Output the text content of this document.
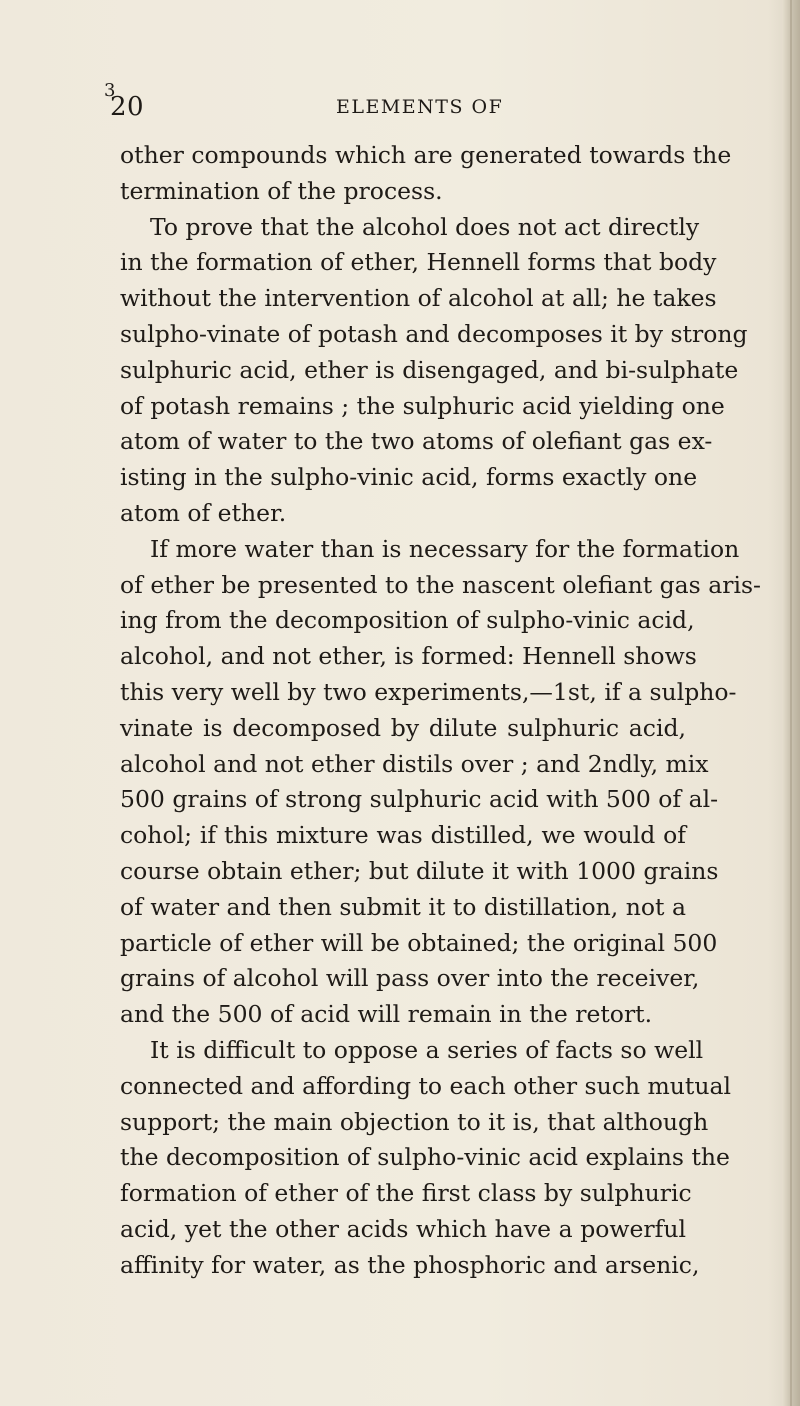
3
20	ELEMENTS OF
other compounds which are generated towards the
termination of the process.
To prove that the alcohol does not act directly
in the formation of ether, Hennell forms that body
without the intervention of alcohol at all; he takes
sulpho-vinate of potash and decomposes it by strong
sulphuric acid, ether is disengaged, and bi-sulphate
of potash remains ; the sulphuric acid yielding one
atom of water to the two atoms of olefiant gas ex-
isting in the sulpho-vinic acid, forms exactly one
atom of ether.
If more water than is necessary for the formation
of ether be presented to the nascent olefiant gas aris-
ing from the decomposition of sulpho-vinic acid,
alcohol, and not ether, is formed: Hennell shows
this very well by two experiments,—1st, if a sulpho-
vinate is decomposed by dilute sulphuric acid,
alcohol and not ether distils over ; and 2ndly, mix
500 grains of strong sulphuric acid with 500 of al-
cohol; if this mixture was distilled, we would of
course obtain ether; but dilute it with 1000 grains
of water and then submit it to distillation, not a
particle of ether will be obtained; the original 500
grains of alcohol will pass over into the receiver,
and the 500 of acid will remain in the retort.
It is difficult to oppose a series of facts so well
connected and affording to each other such mutual
support; the main objection to it is, that although
the decomposition of sulpho-vinic acid explains the
formation of ether of the first class by sulphuric
acid, yet the other acids which have a powerful
affinity for water, as the phosphoric and arsenic,
